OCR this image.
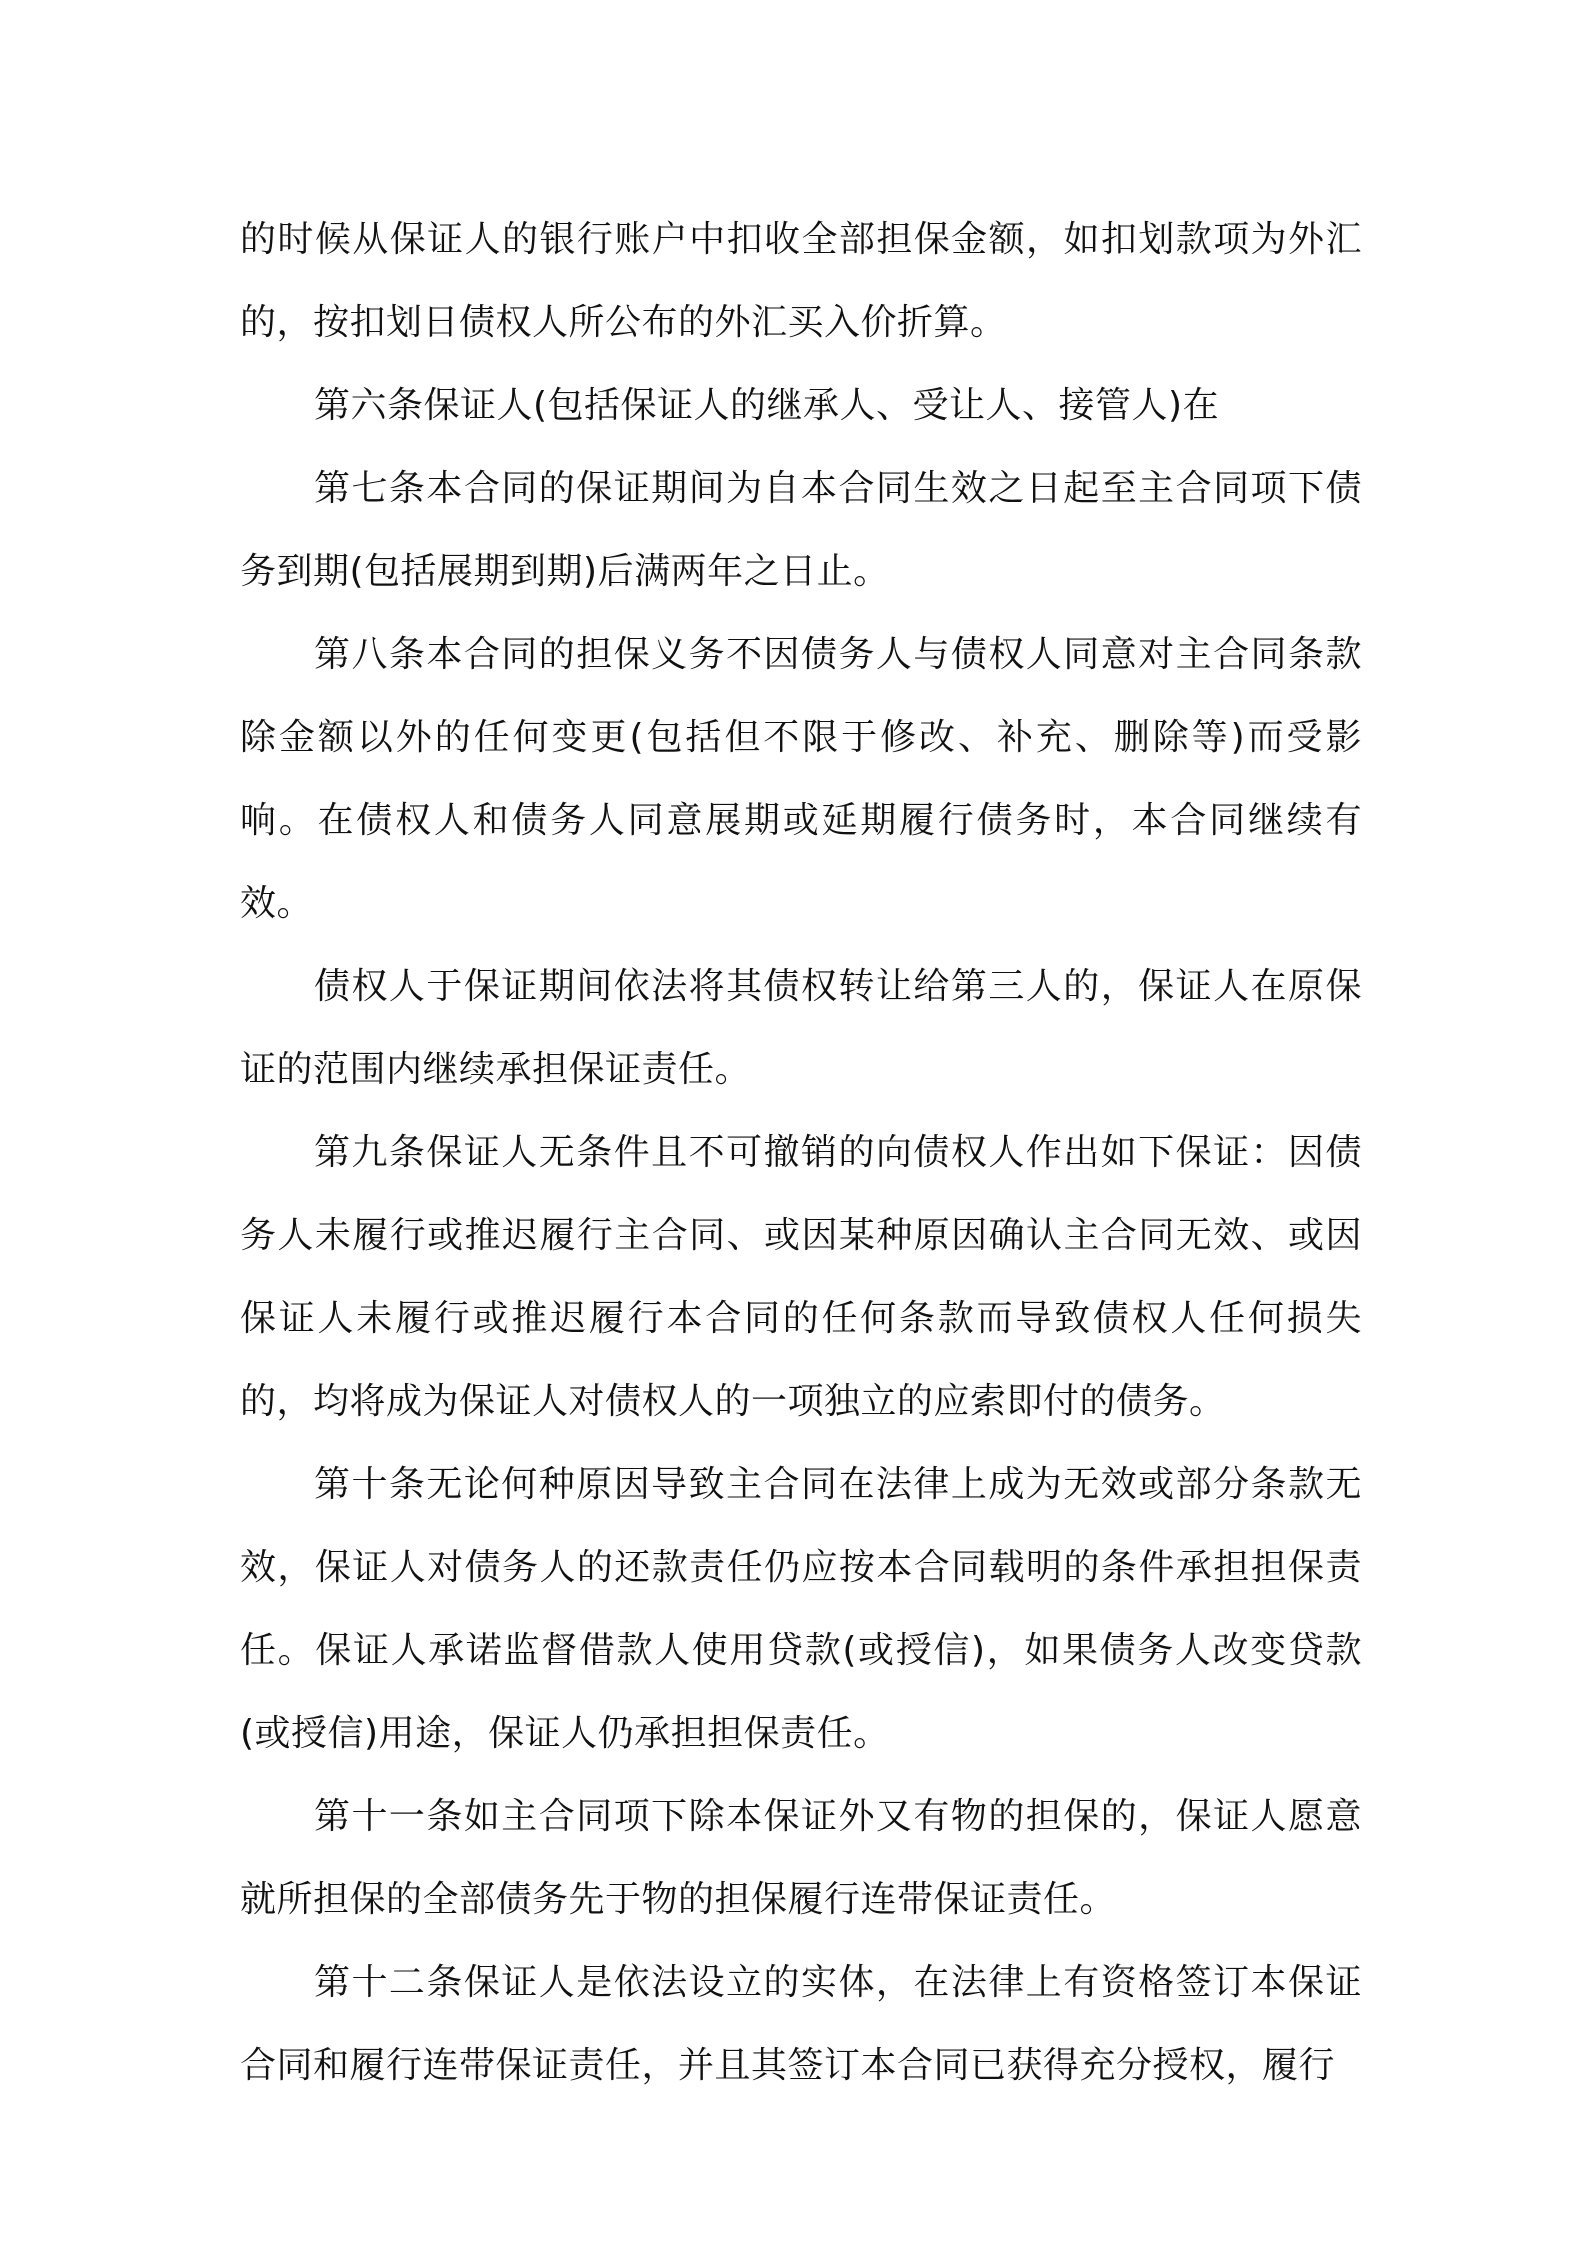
的时候从保证人的银行账户中扣收全部担保金额，如扣划款项为外汇的，按扣划日债权人所公布的外汇买入价折算。

第六条保证人(包括保证人的继承人、受让人、接管人)在

第七条本合同的保证期间为自本合同生效之日起至主合同项下债务到期(包括展期到期)后满两年之日止。

第八条本合同的担保义务不因债务人与债权人同意对主合同条款除金额以外的任何变更(包括但不限于修改、补充、删除等)而受影响。在债权人和债务人同意展期或延期履行债务时，本合同继续有效。

债权人于保证期间依法将其债权转让给第三人的，保证人在原保证的范围内继续承担保证责任。

第九条保证人无条件且不可撤销的向债权人作出如下保证：因债务人未履行或推迟履行主合同、或因某种原因确认主合同无效、或因保证人未履行或推迟履行本合同的任何条款而导致债权人任何损失的，均将成为保证人对债权人的一项独立的应索即付的债务。

第十条无论何种原因导致主合同在法律上成为无效或部分条款无效，保证人对债务人的还款责任仍应按本合同载明的条件承担担保责任。保证人承诺监督借款人使用贷款(或授信)，如果债务人改变贷款(或授信)用途，保证人仍承担担保责任。

第十一条如主合同项下除本保证外又有物的担保的，保证人愿意就所担保的全部债务先于物的担保履行连带保证责任。

第十二条保证人是依法设立的实体，在法律上有资格签订本保证合同和履行连带保证责任，并且其签订本合同已获得充分授权，履行
